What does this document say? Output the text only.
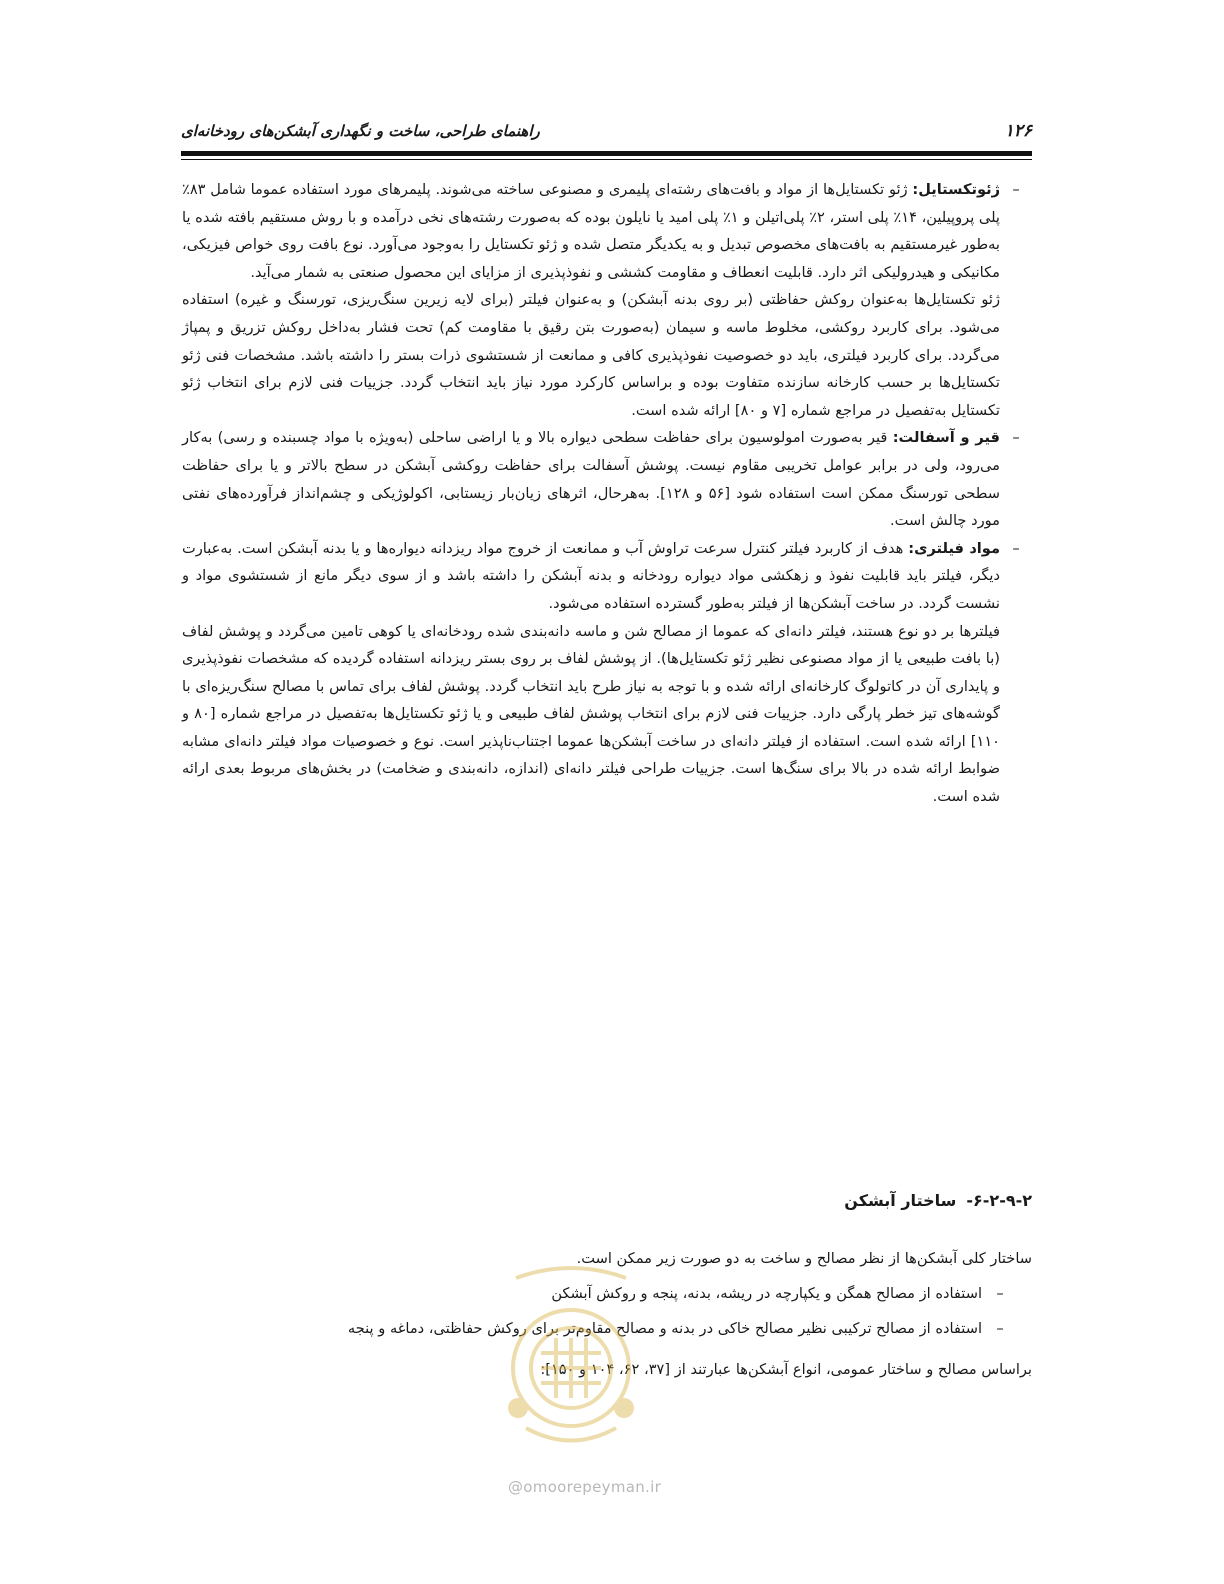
۱۲۶
راهنمای طراحی، ساخت و نگهداری آبشکن‌های رودخانه‌ای
–

ژئوتکستایل: ژئو تکستایل‌ها از مواد و بافت‌های رشته‌ای پلیمری و مصنوعی ساخته می‌شوند. پلیمرهای مورد استفاده عموما شامل ۸۳٪ پلی پروپیلین، ۱۴٪ پلی استر، ۲٪ پلی‌اتیلن و ۱٪ پلی امید یا نایلون بوده که به‌صورت رشته‌های نخی درآمده و با روش مستقیم بافته شده یا به‌طور غیرمستقیم به بافت‌های مخصوص تبدیل و به یکدیگر متصل شده و ژئو تکستایل را به‌وجود می‌آورد. نوع بافت روی خواص فیزیکی، مکانیکی و هیدرولیکی اثر دارد. قابلیت انعطاف و مقاومت کششی و نفوذپذیری از مزایای این محصول صنعتی به شمار می‌آید.

ژئو تکستایل‌ها به‌عنوان روکش حفاظتی (بر روی بدنه آبشکن) و به‌عنوان فیلتر (برای لایه زیرین سنگ‌ریزی، تورسنگ و غیره) استفاده می‌شود. برای کاربرد روکشی، مخلوط ماسه و سیمان (به‌صورت بتن رقیق با مقاومت کم) تحت فشار به‌داخل روکش تزریق و پمپاژ می‌گردد. برای کاربرد فیلتری، باید دو خصوصیت نفوذپذیری کافی و ممانعت از شستشوی ذرات بستر را داشته باشد. مشخصات فنی ژئو تکستایل‌ها بر حسب کارخانه سازنده متفاوت بوده و براساس کارکرد مورد نیاز باید انتخاب گردد. جزییات فنی لازم برای انتخاب ژئو تکستایل به‌تفصیل در مراجع شماره [۷ و ۸۰] ارائه شده است.

–

قیر و آسفالت: قیر به‌صورت امولوسیون برای حفاظت سطحی دیواره بالا و یا اراضی ساحلی (به‌ویژه با مواد چسبنده و رسی) به‌کار می‌رود، ولی در برابر عوامل تخریبی مقاوم نیست. پوشش آسفالت برای حفاظت روکشی آبشکن در سطح بالاتر و یا برای حفاظت سطحی تورسنگ ممکن است استفاده شود [۵۶ و ۱۲۸]. به‌هرحال، اثرهای زیان‌بار زیستابی، اکولوژیکی و چشم‌انداز فرآورده‌های نفتی مورد چالش است.

–

مواد فیلتری: هدف از کاربرد فیلتر کنترل سرعت تراوش آب و ممانعت از خروج مواد ریزدانه دیواره‌ها و یا بدنه آبشکن است. به‌عبارت دیگر، فیلتر باید قابلیت نفوذ و زهکشی مواد دیواره رودخانه و بدنه آبشکن را داشته باشد و از سوی دیگر مانع از شستشوی مواد و نشست گردد. در ساخت آبشکن‌ها از فیلتر به‌طور گسترده استفاده می‌شود.

فیلترها بر دو نوع هستند، فیلتر دانه‌ای که عموما از مصالح شن و ماسه دانه‌بندی شده رودخانه‌ای یا کوهی تامین می‌گردد و پوشش لفاف (با بافت طبیعی یا از مواد مصنوعی نظیر ژئو تکستایل‌ها). از پوشش لفاف بر روی بستر ریزدانه استفاده گردیده که مشخصات نفوذپذیری و پایداری آن در کاتولوگ کارخانه‌ای ارائه شده و با توجه به نیاز طرح باید انتخاب گردد. پوشش لفاف برای تماس با مصالح سنگ‌ریزه‌ای با گوشه‌های تیز خطر پارگی دارد. جزییات فنی لازم برای انتخاب پوشش لفاف طبیعی و یا ژئو تکستایل‌ها به‌تفصیل در مراجع شماره [۸۰ و ۱۱۰] ارائه شده است. استفاده از فیلتر دانه‌ای در ساخت آبشکن‌ها عموما اجتناب‌ناپذیر است. نوع و خصوصیات مواد فیلتر دانه‌ای مشابه ضوابط ارائه شده در بالا برای سنگ‌ها است. جزییات طراحی فیلتر دانه‌ای (اندازه، دانه‌بندی و ضخامت) در بخش‌های مربوط بعدی ارائه شده است.

۶-۲-۹-۲-ساختار آبشکن

ساختار کلی آبشکن‌ها از نظر مصالح و ساخت به دو صورت زیر ممکن است.

–
استفاده از مصالح همگن و یکپارچه در ریشه، بدنه، پنجه و روکش آبشکن
–
استفاده از مصالح ترکیبی نظیر مصالح خاکی در بدنه و مصالح مقاوم‌تر برای روکش حفاظتی، دماغه و پنجه

براساس مصالح و ساختار عمومی، انواع آبشکن‌ها عبارتند از [۳۷، ۶۲، ۱۰۴ و ۱۵۰]:

@omoorepeyman.ir
